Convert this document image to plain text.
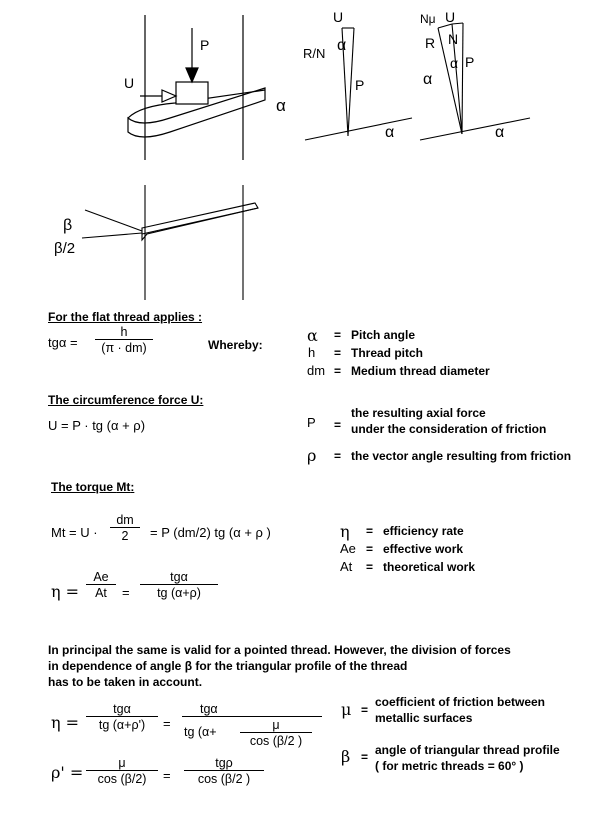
P
U
α
U
R/N α
P
α
Nμ U
R N
α
α P
α
β
β/2
For the flat thread applies :
$tg\alpha = \frac{h}{(\pi \cdot dm)}$	Whereby:	α = Pitch angle
h = Thread pitch
dm = Medium thread diameter
The circumference force U:
U = P · tg (α + ρ)	P =
the resulting axial force
under the consideration of friction
ρ = the vector angle resulting from friction
The torque Mt:
$Mt = U \cdot \frac{dm}{2} = P$ (dm/2) tg (α + ρ )
$\eta = \frac{Ae}{At}$ =
tgα
tg (α+ρ)
η = efficiency rate
Ae = effective work
At = theoretical work
In principal the same is valid for a pointed thread. However, the division of forces
in dependence of angle β for the triangular profile of the thread
has to be taken in account.
η =
tgα
tg (α+ρ')	=
tgα
tg (α+	$\frac{\mu}{\cos (\beta/2 )}$
$\rho' = \frac{\mu}{\cos (\beta/2)}$ =
tgρ
cos (β/2 )
μ =
coefficient of friction between
metallic surfaces
β = angle of triangular thread profile
( for metric threads = 60° )
